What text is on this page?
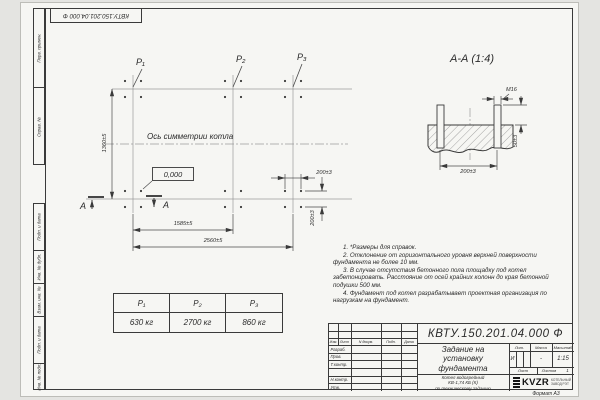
КВТУ.150.201.04.000 Ф
Перв. примен.
Справ. №
Подп. и дата
Инв. № дубл.
Взам. инв. №
Подп. и дата
Инв. № подл.
Р₁	Р₂	Р₃
Ось симметрии котла
0,000
1360±5
1585±5
2560±5
200±3
200±3
А	А
А-А (1:4)
М16
50±3
200±3
Р₁	Р₂	Р₃
630 кг	2700 кг	860 кг

1. *Размеры для справок.

2. Отклонение от горизонтального уровня верхней поверхности фундамента не более 10 мм.

3. В случае отсутствия бетонного пола площадку под котел забетонировать. Расстояние от осей крайних колонн до края бетонной подушки 500 мм.

4. Фундамент под котел разрабатывает проектная организация по нагрузкам на фундамент.

Изм. Лист	N докум.	Подп.	Дата
Разраб.
Пров.
Т.контр.
Н.контр.
Утв.
КВТУ.150.201.04.000 Ф
Задание на
установку
фундамента
Котел водогрейный
КВ-1,74 КБ (К)
по техническому заданию
Лит.	Масса	Масштаб
И	-	1:15
Лист	Листов	1
KVZR КОТЕЛЬНЫЙ
ЗАВОД РЭТ
Формат А3
